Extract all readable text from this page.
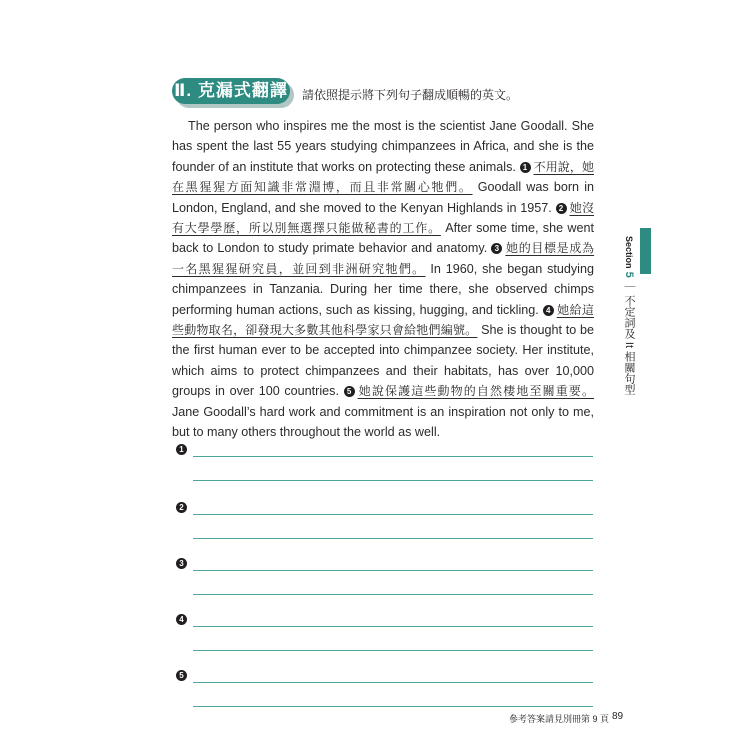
Ⅱ. 克漏式翻譯 請依照提示將下列句子翻成順暢的英文。
The person who inspires me the most is the scientist Jane Goodall. She has spent the last 55 years studying chimpanzees in Africa, and she is the founder of an institute that works on protecting these animals. 1 不用說，她在黑猩猩方面知識非常淵博，而且非常關心牠們。 Goodall was born in London, England, and she moved to the Kenyan Highlands in 1957. 2 她沒有大學學歷，所以別無選擇只能做秘書的工作。 After some time, she went back to London to study primate behavior and anatomy. 3 她的目標是成為一名黑猩猩研究員，並回到非洲研究牠們。 In 1960, she began studying chimpanzees in Tanzania. During her time there, she observed chimps performing human actions, such as kissing, hugging, and tickling. 4 她給這些動物取名，卻發現大多數其他科學家只會給牠們編號。 She is thought to be the first human ever to be accepted into chimpanzee society. Her institute, which aims to protect chimpanzees and their habitats, has over 10,000 groups in over 100 countries. 5 她說保護這些動物的自然棲地至關重要。 Jane Goodall’s hard work and commitment is an inspiration not only to me, but to many others throughout the world as well.
1
2
3
4
5
Section 5 ｜ 不定詞及 It 相關句型
參考答案請見別冊第 9 頁 89
